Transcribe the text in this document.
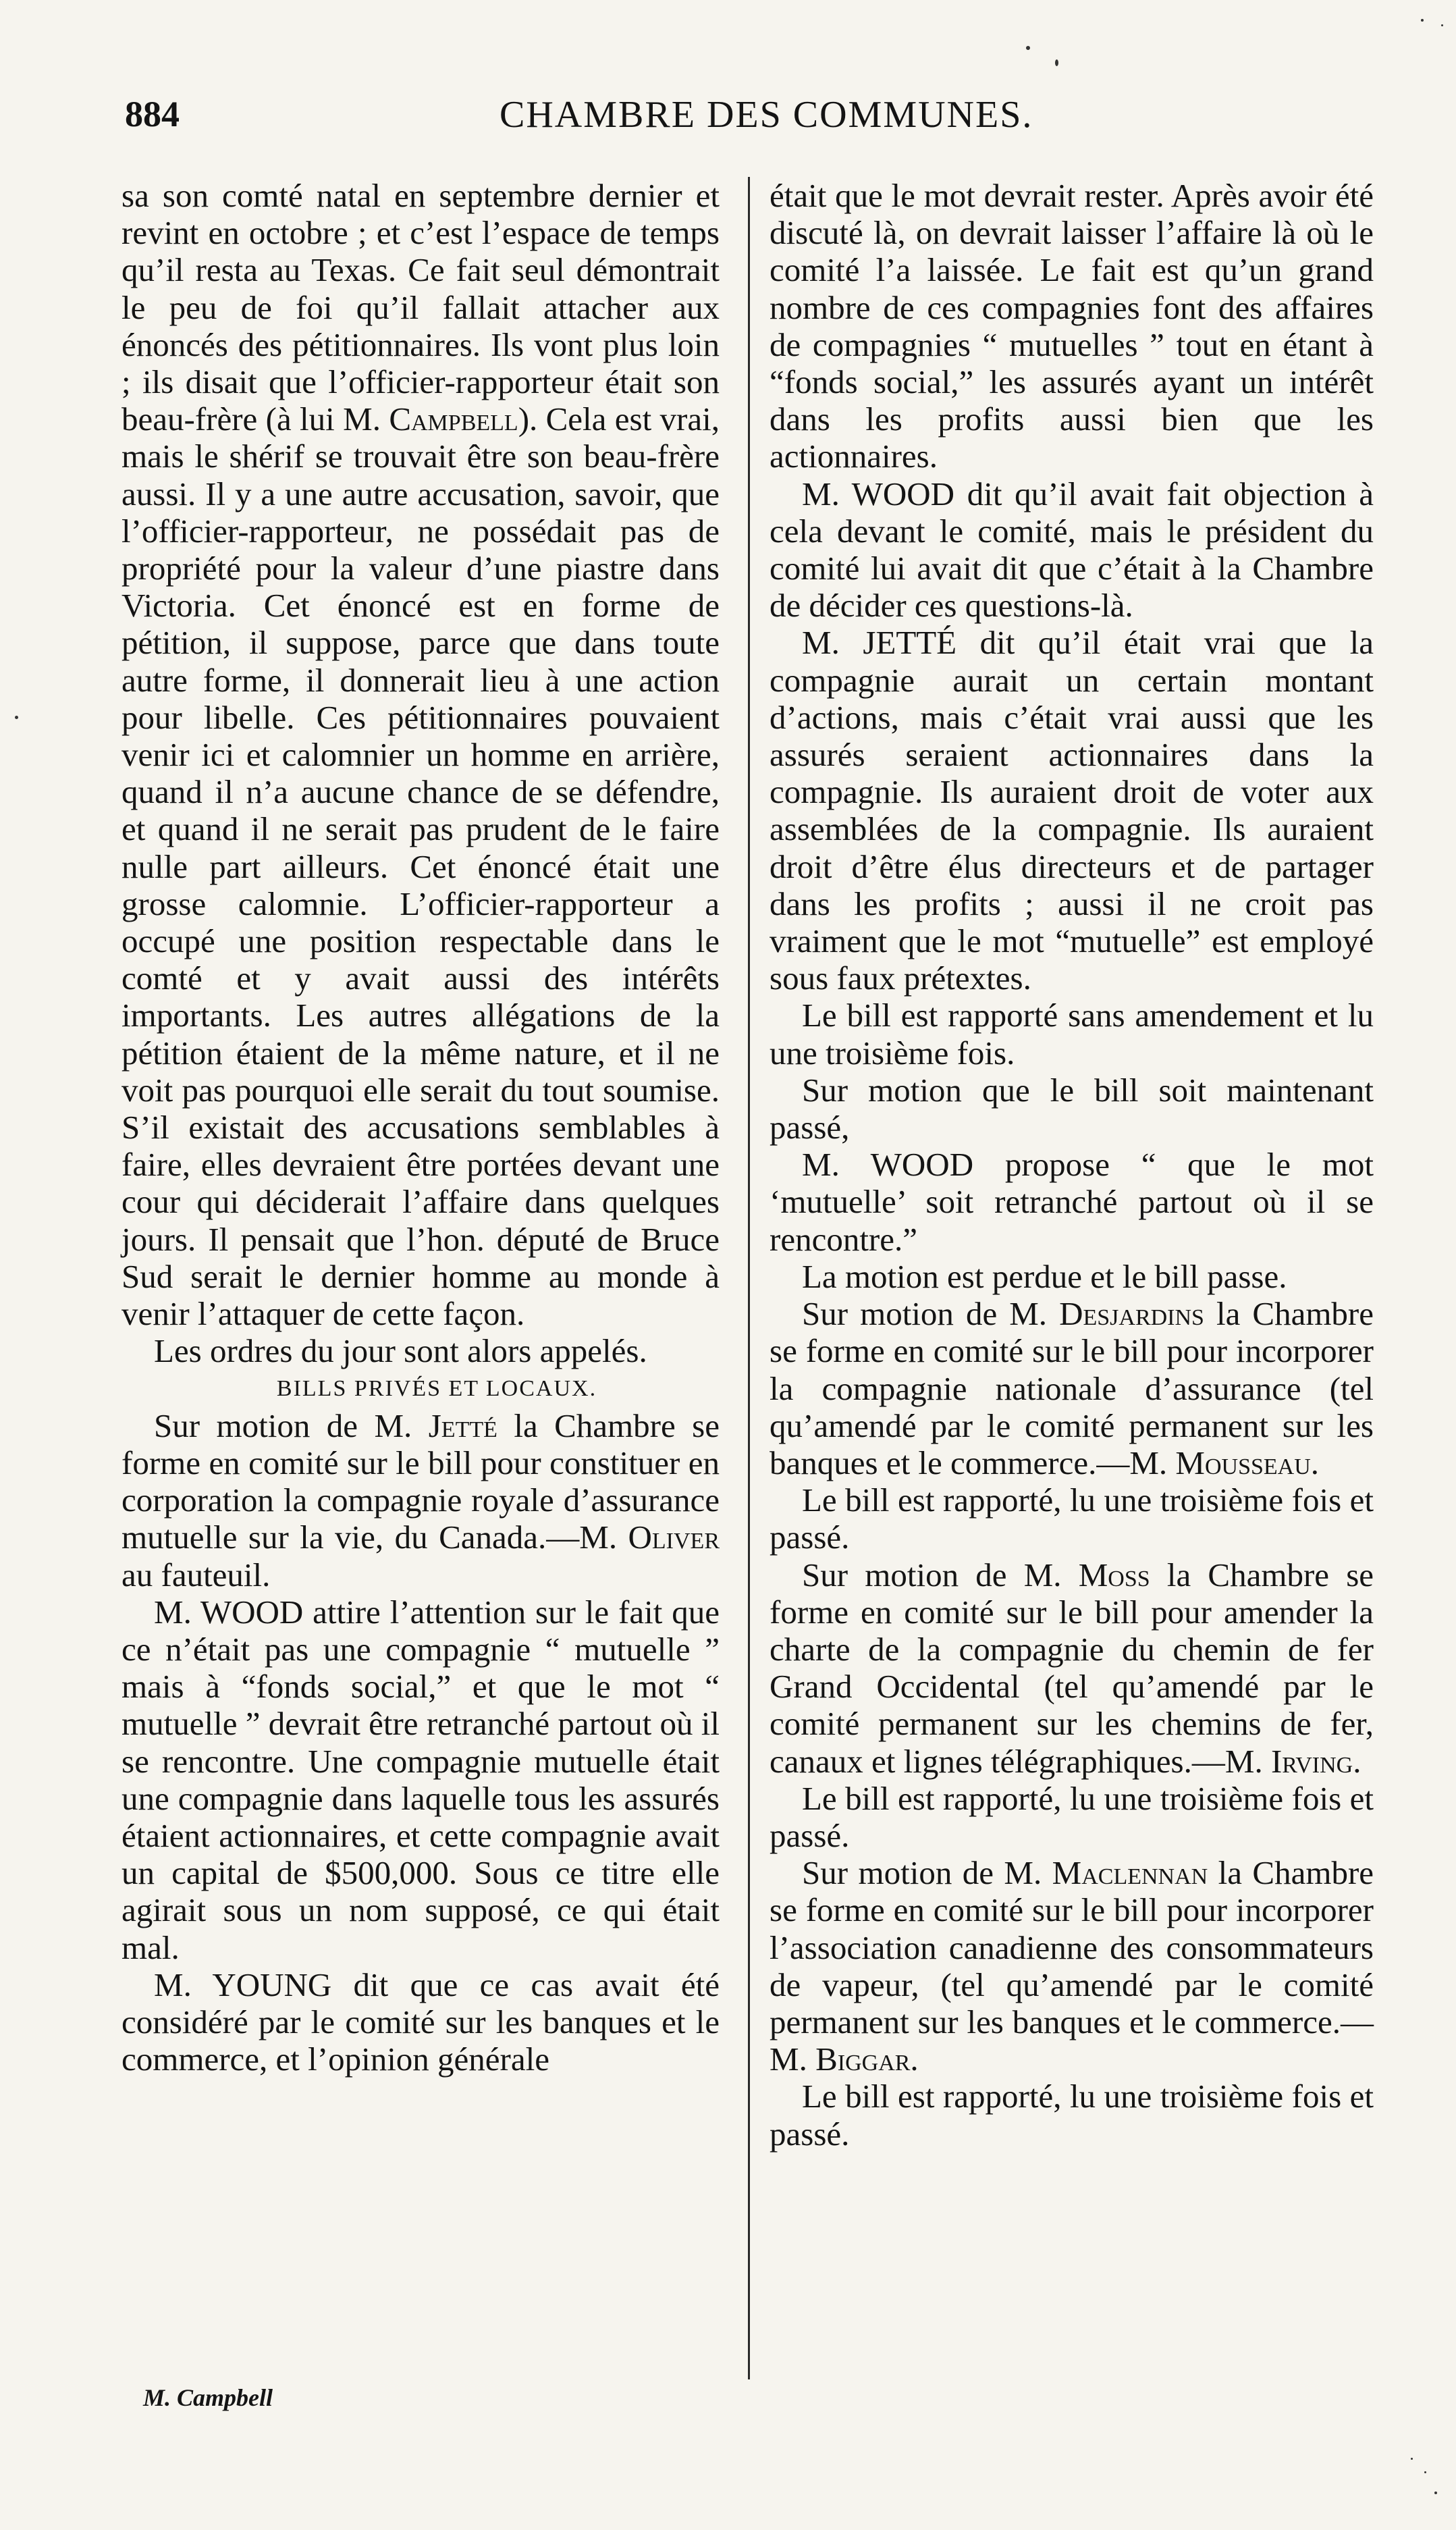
884	CHAMBRE DES COMMUNES.

sa son comté natal en septembre dernier et revint en octobre ; et c’est l’espace de temps qu’il resta au Texas. Ce fait seul démontrait le peu de foi qu’il fallait attacher aux énoncés des pétitionnaires. Ils vont plus loin ; ils disait que l’officier-rapporteur était son beau-frère (à lui M. Campbell). Cela est vrai, mais le shérif se trouvait être son beau-frère aussi. Il y a une autre accusation, savoir, que l’officier-rapporteur, ne possédait pas de propriété pour la valeur d’une piastre dans Victoria. Cet énoncé est en forme de pétition, il suppose, parce que dans toute autre forme, il donnerait lieu à une action pour libelle. Ces pétitionnaires pouvaient venir ici et calomnier un homme en arrière, quand il n’a aucune chance de se défendre, et quand il ne serait pas prudent de le faire nulle part ailleurs. Cet énoncé était une grosse calomnie. L’officier-rapporteur a occupé une position respectable dans le comté et y avait aussi des intérêts importants. Les autres allégations de la pétition étaient de la même nature, et il ne voit pas pourquoi elle serait du tout soumise. S’il existait des accusations semblables à faire, elles devraient être portées devant une cour qui déciderait l’affaire dans quelques jours. Il pensait que l’hon. député de Bruce Sud serait le dernier homme au monde à venir l’attaquer de cette façon.

Les ordres du jour sont alors appelés.

BILLS PRIVÉS ET LOCAUX.

Sur motion de M. Jetté la Chambre se forme en comité sur le bill pour constituer en corporation la compagnie royale d’assurance mutuelle sur la vie, du Canada.—M. Oliver au fauteuil.

M. WOOD attire l’attention sur le fait que ce n’était pas une compagnie “ mutuelle ” mais à “fonds social,” et que le mot “ mutuelle ” devrait être retranché partout où il se rencontre. Une compagnie mutuelle était une compagnie dans laquelle tous les assurés étaient actionnaires, et cette compagnie avait un capital de $500,000. Sous ce titre elle agirait sous un nom supposé, ce qui était mal.

M. YOUNG dit que ce cas avait été considéré par le comité sur les banques et le commerce, et l’opinion générale

était que le mot devrait rester. Après avoir été discuté là, on devrait laisser l’affaire là où le comité l’a laissée. Le fait est qu’un grand nombre de ces compagnies font des affaires de compagnies “ mutuelles ” tout en étant à “fonds social,” les assurés ayant un intérêt dans les profits aussi bien que les actionnaires.

M. WOOD dit qu’il avait fait objection à cela devant le comité, mais le président du comité lui avait dit que c’était à la Chambre de décider ces questions-là.

M. JETTÉ dit qu’il était vrai que la compagnie aurait un certain montant d’actions, mais c’était vrai aussi que les assurés seraient actionnaires dans la compagnie. Ils auraient droit de voter aux assemblées de la compagnie. Ils auraient droit d’être élus directeurs et de partager dans les profits ; aussi il ne croit pas vraiment que le mot “mutuelle” est employé sous faux prétextes.

Le bill est rapporté sans amendement et lu une troisième fois.

Sur motion que le bill soit maintenant passé,

M. WOOD propose “ que le mot ‘mutuelle’ soit retranché partout où il se rencontre.”

La motion est perdue et le bill passe.

Sur motion de M. Desjardins la Chambre se forme en comité sur le bill pour incorporer la compagnie nationale d’assurance (tel qu’amendé par le comité permanent sur les banques et le commerce.—M. Mousseau.

Le bill est rapporté, lu une troisième fois et passé.

Sur motion de M. Moss la Chambre se forme en comité sur le bill pour amender la charte de la compagnie du chemin de fer Grand Occidental (tel qu’amendé par le comité permanent sur les chemins de fer, canaux et lignes télégraphiques.—M. Irving.

Le bill est rapporté, lu une troisième fois et passé.

Sur motion de M. Maclennan la Chambre se forme en comité sur le bill pour incorporer l’association canadienne des consommateurs de vapeur, (tel qu’amendé par le comité permanent sur les banques et le commerce.—M. Biggar.

Le bill est rapporté, lu une troisième fois et passé.

M. Campbell
